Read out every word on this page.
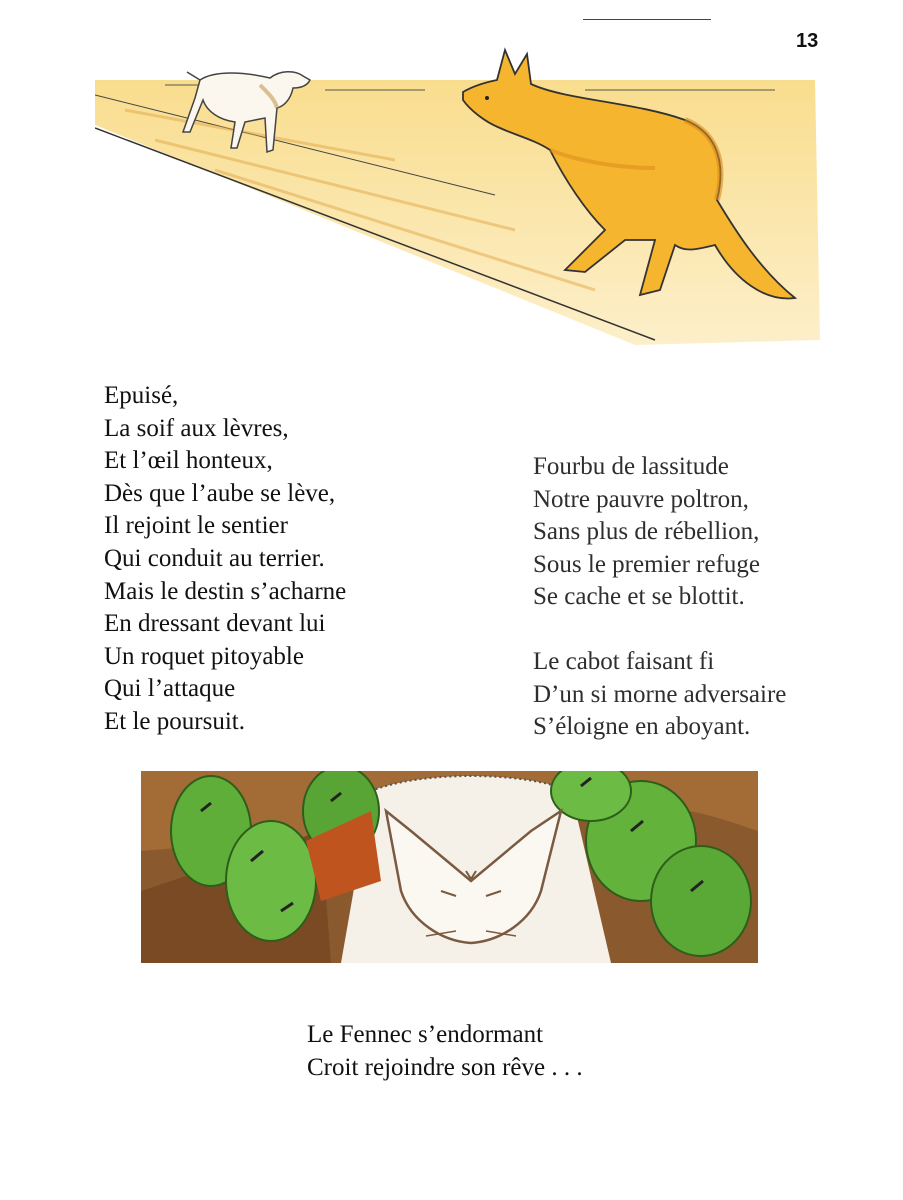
13
Epuisé,
La soif aux lèvres,
Et l’œil honteux,
Dès que l’aube se lève,
Il rejoint le sentier
Qui conduit au terrier.
Mais le destin s’acharne
En dressant devant lui
Un roquet pitoyable
Qui l’attaque
Et le poursuit.
Fourbu de lassitude
Notre pauvre poltron,
Sans plus de rébellion,
Sous le premier refuge
Se cache et se blottit.
Le cabot faisant fi
D’un si morne adversaire
S’éloigne en aboyant.
Le Fennec s’endormant
Croit rejoindre son rêve . . .
